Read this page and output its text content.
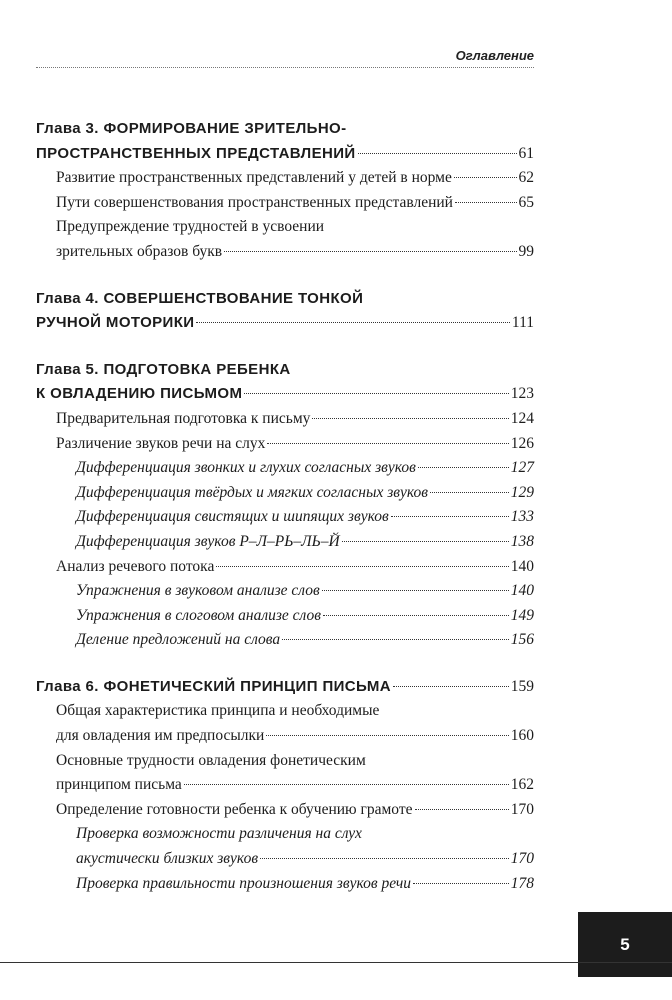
Оглавление
Глава 3. ФОРМИРОВАНИЕ ЗРИТЕЛЬНО-
ПРОСТРАНСТВЕННЫХ ПРЕДСТАВЛЕНИЙ	61
Развитие пространственных представлений у детей в норме	62
Пути совершенствования пространственных представлений	65
Предупреждение трудностей в усвоении
зрительных образов букв	99
Глава 4. СОВЕРШЕНСТВОВАНИЕ ТОНКОЙ
РУЧНОЙ МОТОРИКИ	111
Глава 5. ПОДГОТОВКА РЕБЕНКА
К ОВЛАДЕНИЮ ПИСЬМОМ	123
Предварительная подготовка к письму	124
Различение звуков речи на слух	126
Дифференциация звонких и глухих согласных звуков	127
Дифференциация твёрдых и мягких согласных звуков	129
Дифференциация свистящих и шипящих звуков	133
Дифференциация звуков Р–Л–РЬ–ЛЬ–Й	138
Анализ речевого потока	140
Упражнения в звуковом анализе слов	140
Упражнения в слоговом анализе слов	149
Деление предложений на слова	156
Глава 6. ФОНЕТИЧЕСКИЙ ПРИНЦИП ПИСЬМА	159
Общая характеристика принципа и необходимые
для овладения им предпосылки	160
Основные трудности овладения фонетическим
принципом письма	162
Определение готовности ребенка к обучению грамоте	170
Проверка возможности различения на слух
акустически близких звуков	170
Проверка правильности произношения звуков речи	178
5
